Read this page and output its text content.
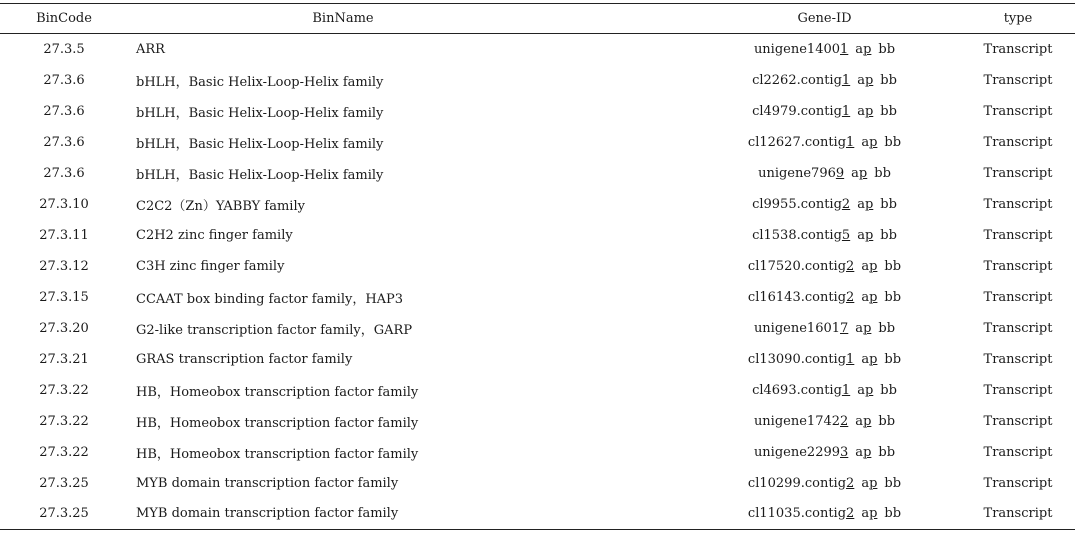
BinCode	BinName	Gene-ID	type
27.3.5	ARR	unigene14001 ap bb	Transcript
27.3.6	bHLH，Basic Helix-Loop-Helix family	cl2262.contig1 ap bb	Transcript
27.3.6	bHLH，Basic Helix-Loop-Helix family	cl4979.contig1 ap bb	Transcript
27.3.6	bHLH，Basic Helix-Loop-Helix family	cl12627.contig1 ap bb	Transcript
27.3.6	bHLH，Basic Helix-Loop-Helix family	unigene7969 ap bb	Transcript
27.3.10	C2C2（Zn）YABBY family	cl9955.contig2 ap bb	Transcript
27.3.11	C2H2 zinc finger family	cl1538.contig5 ap bb	Transcript
27.3.12	C3H zinc finger family	cl17520.contig2 ap bb	Transcript
27.3.15	CCAAT box binding factor family，HAP3	cl16143.contig2 ap bb	Transcript
27.3.20	G2-like transcription factor family，GARP	unigene16017 ap bb	Transcript
27.3.21	GRAS transcription factor family	cl13090.contig1 ap bb	Transcript
27.3.22	HB，Homeobox transcription factor family	cl4693.contig1 ap bb	Transcript
27.3.22	HB，Homeobox transcription factor family	unigene17422 ap bb	Transcript
27.3.22	HB，Homeobox transcription factor family	unigene22993 ap bb	Transcript
27.3.25	MYB domain transcription factor family	cl10299.contig2 ap bb	Transcript
27.3.25	MYB domain transcription factor family	cl11035.contig2 ap bb	Transcript
